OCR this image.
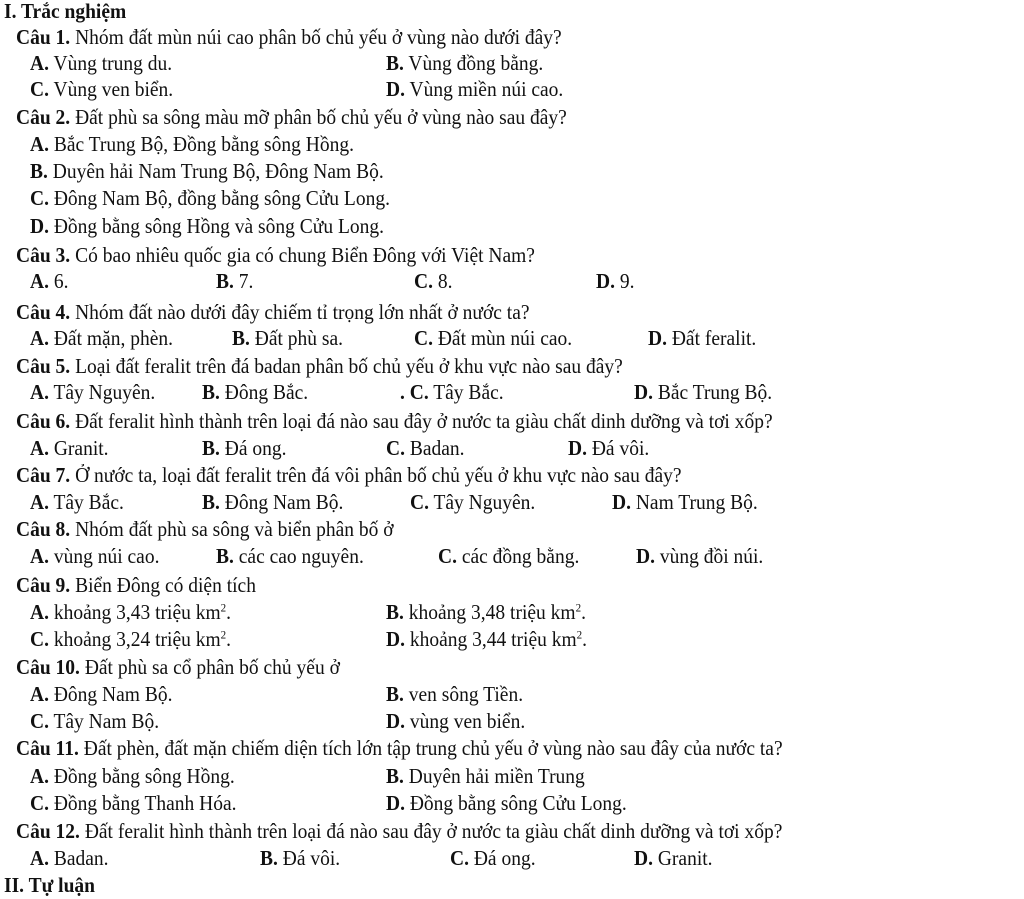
I. Trắc nghiệm
II. Tự luận
Câu 1. Nhóm đất mùn núi cao phân bố chủ yếu ở vùng nào dưới đây?
A. Vùng trung du.	B. Vùng đồng bằng.
C. Vùng ven biển.	D. Vùng miền núi cao.
Câu 2. Đất phù sa sông màu mỡ phân bố chủ yếu ở vùng nào sau đây?
A. Bắc Trung Bộ, Đồng bằng sông Hồng.
B. Duyên hải Nam Trung Bộ, Đông Nam Bộ.
C. Đông Nam Bộ, đồng bằng sông Cửu Long.
D. Đồng bằng sông Hồng và sông Cửu Long.
Câu 3. Có bao nhiêu quốc gia có chung Biển Đông với Việt Nam?
A. 6.	B. 7.	C. 8.	D. 9.
Câu 4. Nhóm đất nào dưới đây chiếm tỉ trọng lớn nhất ở nước ta?
A. Đất mặn, phèn.	B. Đất phù sa.	C. Đất mùn núi cao.	D. Đất feralit.
Câu 5. Loại đất feralit trên đá badan phân bố chủ yếu ở khu vực nào sau đây?
A. Tây Nguyên. B. Đông Bắc.	. C. Tây Bắc.	D. Bắc Trung Bộ.
Câu 6. Đất feralit hình thành trên loại đá nào sau đây ở nước ta giàu chất dinh dưỡng và tơi xốp?
A. Granit.	B. Đá ong.	C. Badan.	D. Đá vôi.
Câu 7. Ở nước ta, loại đất feralit trên đá vôi phân bố chủ yếu ở khu vực nào sau đây?
A. Tây Bắc.	B. Đông Nam Bộ.	C. Tây Nguyên.	D. Nam Trung Bộ.
Câu 8. Nhóm đất phù sa sông và biển phân bố ở
A. vùng núi cao.	B. các cao nguyên.	C. các đồng bằng.	D. vùng đồi núi.
Câu 9. Biển Đông có diện tích
A. khoảng 3,43 triệu $km^2$.	B. khoảng 3,48 triệu $km^2$.
C. khoảng 3,24 triệu $km^2$.	D. khoảng 3,44 triệu $km^2$.
Câu 10. Đất phù sa cổ phân bố chủ yếu ở
A. Đông Nam Bộ.	B. ven sông Tiền.
C. Tây Nam Bộ.	D. vùng ven biển.
Câu 11. Đất phèn, đất mặn chiếm diện tích lớn tập trung chủ yếu ở vùng nào sau đây của nước ta?
A. Đồng bằng sông Hồng.	B. Duyên hải miền Trung
C. Đồng bằng Thanh Hóa.	D. Đồng bằng sông Cửu Long.
Câu 12. Đất feralit hình thành trên loại đá nào sau đây ở nước ta giàu chất dinh dưỡng và tơi xốp?
A. Badan.	B. Đá vôi.	C. Đá ong.	D. Granit.
